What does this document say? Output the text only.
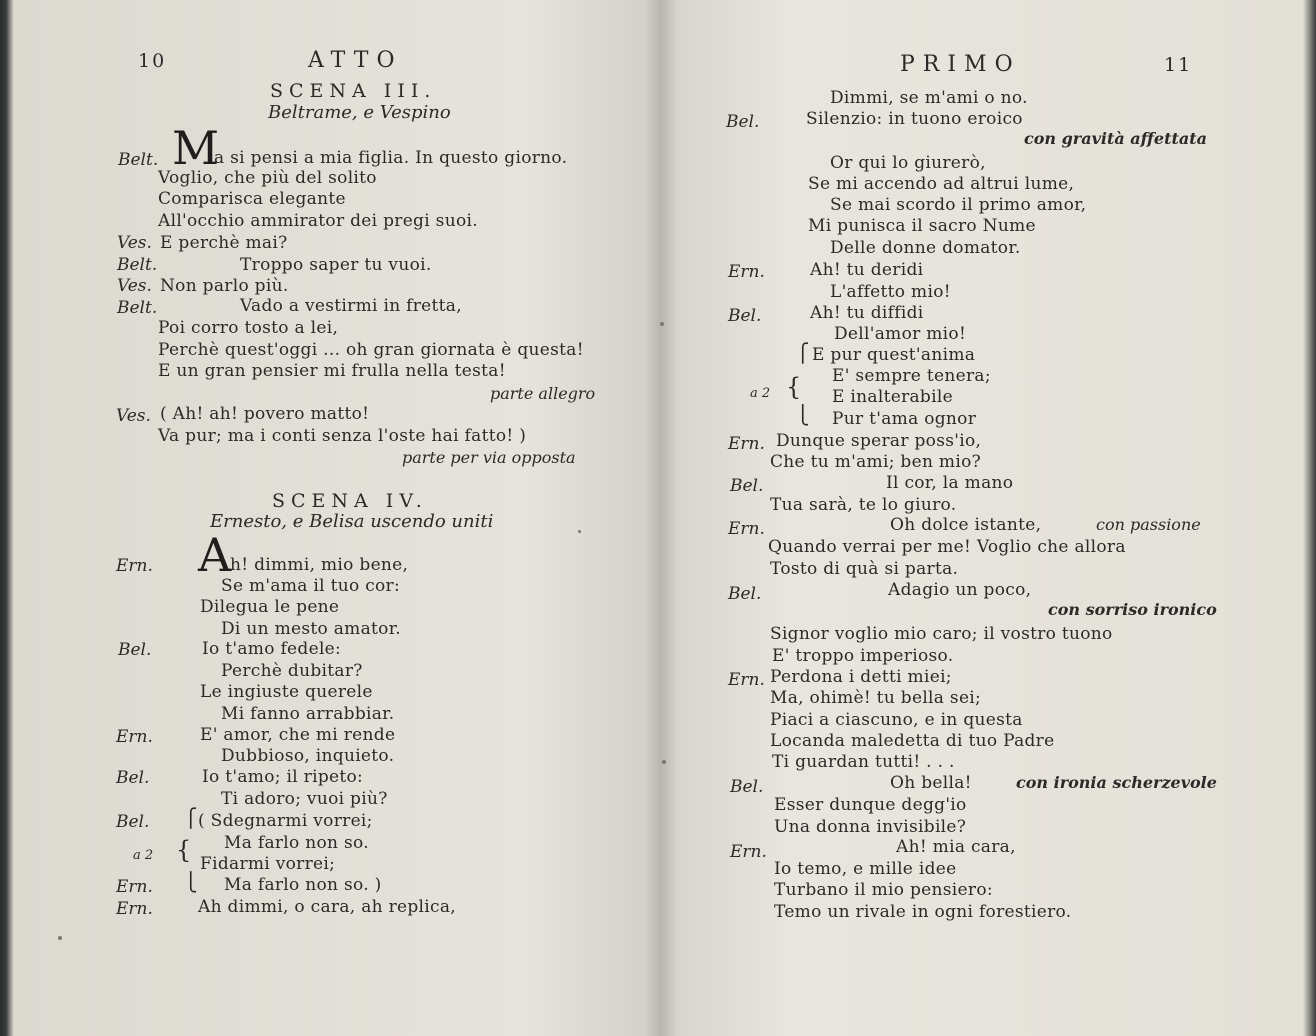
10	ATTO
SCENA III.
Beltrame, e Vespino
Belt. M
a si pensi a mia figlia. In questo giorno.
Voglio, che più del solito
Comparisca elegante
All'occhio ammirator dei pregi suoi.
Ves. E perchè mai?
Belt.	Troppo saper tu vuoi.
Ves. Non parlo più.
Belt.	Vado a vestirmi in fretta,
Poi corro tosto a lei,
Perchè quest'oggi ... oh gran giornata è questa!
E un gran pensier mi frulla nella testa!
parte allegro
Ves. ( Ah! ah! povero matto!
Va pur; ma i conti senza l'oste hai fatto! )
parte per via opposta
SCENA IV.
Ernesto, e Belisa uscendo uniti
Ern. A
h! dimmi, mio bene,
Se m'ama il tuo cor:
Dilegua le pene
Di un mesto amator.
Bel.	Io t'amo fedele:
Perchè dubitar?
Le ingiuste querele
Mi fanno arrabbiar.
Ern.	E' amor, che mi rende
Dubbioso, inquieto.
Bel.	Io t'amo; il ripeto:
Ti adoro; vuoi più?
Bel. ⎧ ( Sdegnarmi vorrei;
a 2 { Ma farlo non so.
Fidarmi vorrei;
Ern. ⎩ Ma farlo non so. )
Ern.	Ah dimmi, o cara, ah replica,
PRIMO	11
Dimmi, se m'ami o no.
Bel.	Silenzio: in tuono eroico
con gravità affettata
Or qui lo giurerò,
Se mi accendo ad altrui lume,
Se mai scordo il primo amor,
Mi punisca il sacro Nume
Delle donne domator.
Ern.	Ah! tu deridi
L'affetto mio!
Bel.	Ah! tu diffidi
Dell'amor mio!
⎧ E pur quest'anima
E' sempre tenera;
a 2 { E inalterabile
⎩ Pur t'ama ognor
Ern. Dunque sperar poss'io,
Che tu m'ami; ben mio?
Bel.	Il cor, la mano
Tua sarà, te lo giuro.
Ern.	Oh dolce istante,	con passione
Quando verrai per me! Voglio che allora
Tosto di quà si parta.
Bel.	Adagio un poco,
con sorriso ironico
Signor voglio mio caro; il vostro tuono
E' troppo imperioso.
Ern. Perdona i detti miei;
Ma, ohimè! tu bella sei;
Piaci a ciascuno, e in questa
Locanda maledetta di tuo Padre
Ti guardan tutti! . . .
Bel.	Oh bella!	con ironia scherzevole
Esser dunque degg'io
Una donna invisibile?
Ern.	Ah! mia cara,
Io temo, e mille idee
Turbano il mio pensiero:
Temo un rivale in ogni forestiero.
